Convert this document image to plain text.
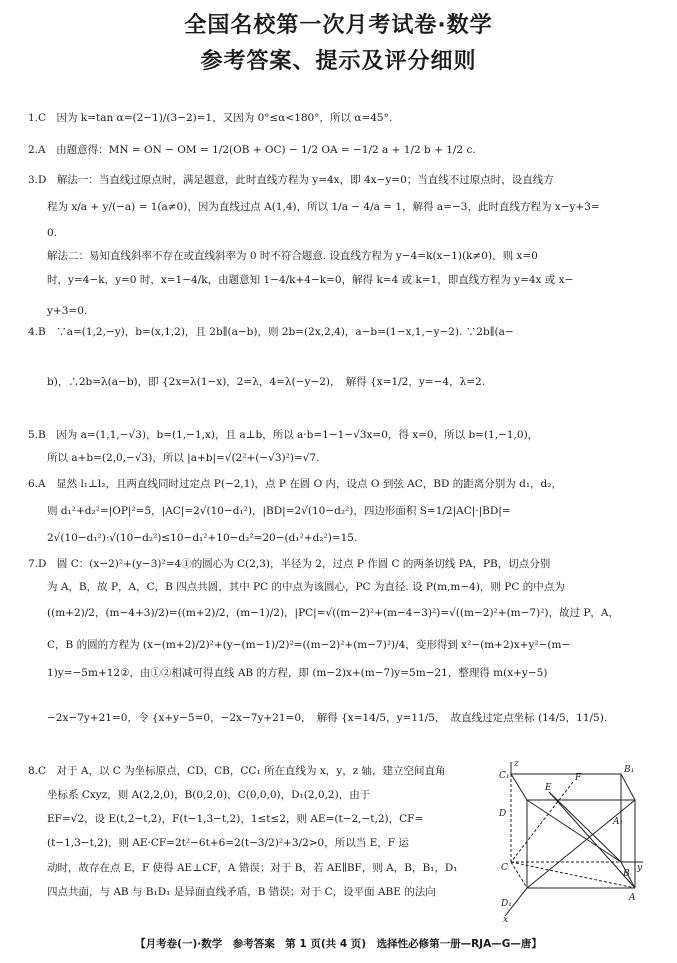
全国名校第一次月考试卷·数学
参考答案、提示及评分细则
1.C　因为 k=tan α=(2−1)/(3−2)=1，又因为 0°≤α<180°，所以 α=45°.
2.A　由题意得：MN = ON − OM = 1/2(OB + OC) − 1/2 OA = −1/2 a + 1/2 b + 1/2 c.
3.D　解法一：当直线过原点时，满足题意，此时直线方程为 y=4x，即 4x−y=0；当直线不过原点时，设直线方
程为 x/a + y/(−a) = 1(a≠0)，因为直线过点 A(1,4)，所以 1/a − 4/a = 1，解得 a=−3，此时直线方程为 x−y+3=
0.
解法二：易知直线斜率不存在或直线斜率为 0 时不符合题意. 设直线方程为 y−4=k(x−1)(k≠0)，则 x=0
时，y=4−k，y=0 时，x=1−4/k，由题意知 1−4/k+4−k=0，解得 k=4 或 k=1，即直线方程为 y=4x 或 x−
y+3=0.
4.B　∵a=(1,2,−y)，b=(x,1,2)，且 2b∥(a−b)，则 2b=(2x,2,4)，a−b=(1−x,1,−y−2). ∵2b∥(a−
b)，∴2b=λ(a−b)，即 {2x=λ(1−x)，2=λ，4=λ(−y−2)，　解得 {x=1/2，y=−4，λ=2.
5.B　因为 a=(1,1,−√3)，b=(1,−1,x)，且 a⊥b，所以 a·b=1−1−√3x=0，得 x=0，所以 b=(1,−1,0)，
所以 a+b=(2,0,−√3)，所以 |a+b|=√(2²+(−√3)²)=√7.
6.A　显然 l₁⊥l₂，且两直线同时过定点 P(−2,1)，点 P 在圆 O 内，设点 O 到弦 AC，BD 的距离分别为 d₁，d₂，
则 d₁²+d₂²=|OP|²=5，|AC|=2√(10−d₁²)，|BD|=2√(10−d₂²)，四边形面积 S=1/2|AC|·|BD|=
2√(10−d₁²)·√(10−d₂²)≤10−d₁²+10−d₂²=20−(d₁²+d₂²)=15.
7.D　圆 C：(x−2)²+(y−3)²=4①的圆心为 C(2,3)，半径为 2，过点 P 作圆 C 的两条切线 PA，PB，切点分别
为 A，B，故 P，A，C，B 四点共圆，其中 PC 的中点为该圆心，PC 为直径. 设 P(m,m−4)，则 PC 的中点为
((m+2)/2，(m−4+3)/2)=((m+2)/2，(m−1)/2)，|PC|=√((m−2)²+(m−4−3)²)=√((m−2)²+(m−7)²)，故过 P，A，
C，B 的圆的方程为 (x−(m+2)/2)²+(y−(m−1)/2)²=((m−2)²+(m−7)²)/4，变形得到 x²−(m+2)x+y²−(m−
1)y=−5m+12②，由①②相减可得直线 AB 的方程，即 (m−2)x+(m−7)y=5m−21，整理得 m(x+y−5)
−2x−7y+21=0，令 {x+y−5=0，−2x−7y+21=0，　解得 {x=14/5，y=11/5，　故直线过定点坐标 (14/5，11/5).
8.C　对于 A，以 C 为坐标原点，CD，CB，CC₁ 所在直线为 x，y，z 轴，建立空间直角
坐标系 Cxyz，则 A(2,2,0)，B(0,2,0)，C(0,0,0)，D₁(2,0,2)，由于
EF=√2，设 E(t,2−t,2)，F(t−1,3−t,2)，1≤t≤2，则 AE=(t−2,−t,2)，CF=
(t−1,3−t,2)，则 AE·CF=2t²−6t+6=2(t−3/2)²+3/2>0，所以当 E，F 运
动时，故存在点 E，F 使得 AE⊥CF，A 错误；对于 B，若 AE∥BF，则 A，B，B₁，D₁
四点共面，与 AB 与 B₁D₁ 是异面直线矛盾，B 错误；对于 C，设平面 ABE 的法向
C₁
z
B₁
E
F
A₁
D
D₁
C	y
B
A
x
【月考卷(一)·数学　参考答案　第 1 页(共 4 页)　选择性必修第一册—RJA—G—唐】
